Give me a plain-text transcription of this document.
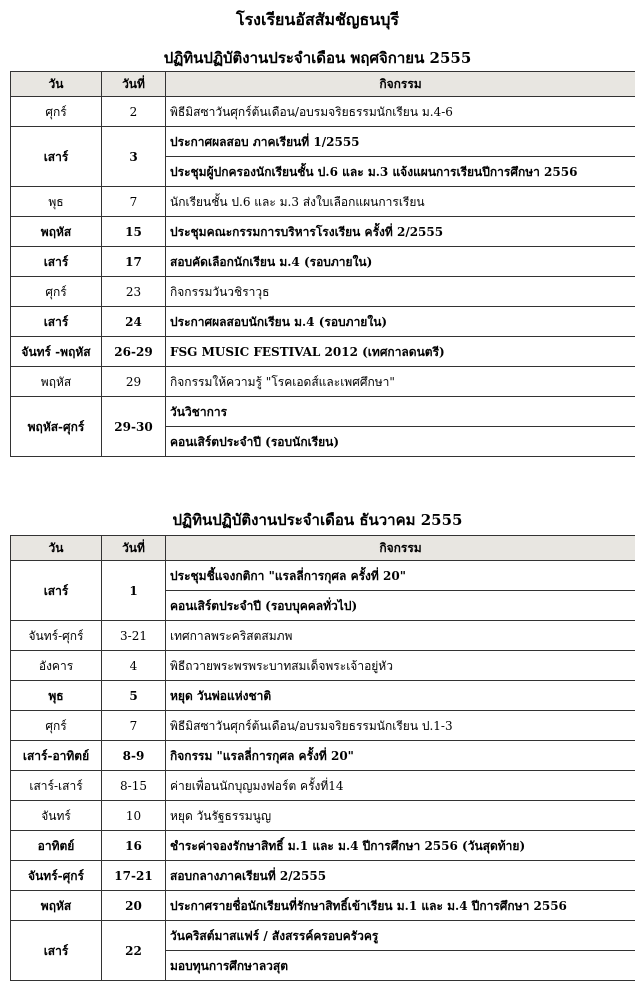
โรงเรียนอัสสัมชัญธนบุรี
ปฏิทินปฏิบัติงานประจำเดือน พฤศจิกายน 2555
วัน	วันที่	กิจกรรม
ศุกร์	2	พิธีมิสซาวันศุกร์ต้นเดือน/อบรมจริยธรรมนักเรียน ม.4-6
เสาร์	3	ประกาศผลสอบ ภาคเรียนที่ 1/2555
		ประชุมผู้ปกครองนักเรียนชั้น ป.6 และ ม.3 แจ้งแผนการเรียนปีการศึกษา 2556
พุธ	7	นักเรียนชั้น ป.6 และ ม.3 ส่งใบเลือกแผนการเรียน
พฤหัส	15	ประชุมคณะกรรมการบริหารโรงเรียน ครั้งที่ 2/2555
เสาร์	17	สอบคัดเลือกนักเรียน ม.4 (รอบภายใน)
ศุกร์	23	กิจกรรมวันวชิราวุธ
เสาร์	24	ประกาศผลสอบนักเรียน ม.4 (รอบภายใน)
จันทร์ -พฤหัส	26-29	FSG MUSIC FESTIVAL 2012 (เทศกาลดนตรี)
พฤหัส	29	กิจกรรมให้ความรู้ "โรคเอดส์และเพศศึกษา"
พฤหัส-ศุกร์	29-30	วันวิชาการ
		คอนเสิร์ตประจำปี (รอบนักเรียน)
ปฏิทินปฏิบัติงานประจำเดือน ธันวาคม 2555
วัน	วันที่	กิจกรรม
เสาร์	1	ประชุมชี้แจงกติกา "แรลลี่การกุศล ครั้งที่ 20"
		คอนเสิร์ตประจำปี (รอบบุคคลทั่วไป)
จันทร์-ศุกร์	3-21	เทศกาลพระคริสตสมภพ
อังคาร	4	พิธีถวายพระพรพระบาทสมเด็จพระเจ้าอยู่หัว
พุธ	5	หยุด วันพ่อแห่งชาติ
ศุกร์	7	พิธีมิสซาวันศุกร์ต้นเดือน/อบรมจริยธรรมนักเรียน ป.1-3
เสาร์-อาทิตย์	8-9	กิจกรรม "แรลลี่การกุศล ครั้งที่ 20"
เสาร์-เสาร์	8-15	ค่ายเพื่อนนักบุญมงฟอร์ต ครั้งที่14
จันทร์	10	หยุด วันรัฐธรรมนูญ
อาทิตย์	16	ชำระค่าจองรักษาสิทธิ์ ม.1 และ ม.4 ปีการศึกษา 2556 (วันสุดท้าย)
จันทร์-ศุกร์	17-21	สอบกลางภาคเรียนที่ 2/2555
พฤหัส	20	ประกาศรายชื่อนักเรียนที่รักษาสิทธิ์เข้าเรียน ม.1 และ ม.4 ปีการศึกษา 2556
เสาร์	22	วันคริสต์มาสแฟร์ / สังสรรค์ครอบครัวครู
		มอบทุนการศึกษาลวสุต
